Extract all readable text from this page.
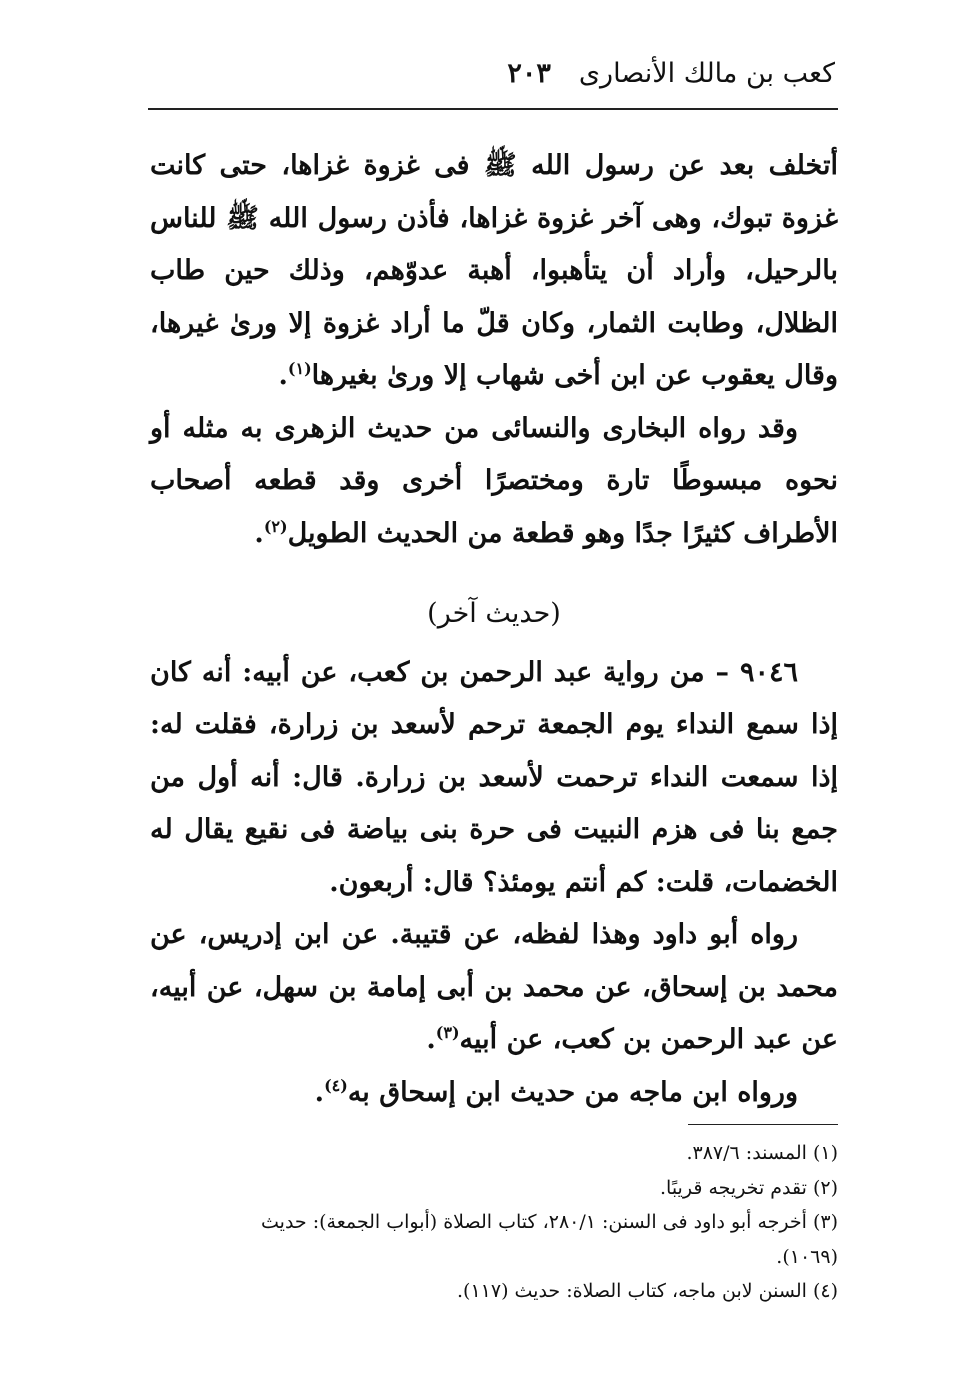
كعب بن مالك الأنصارى
٢٠٣

أتخلف بعد عن رسول الله ﷺ فى غزوة غزاها، حتى كانت غزوة تبوك، وهى آخر غزوة غزاها، فأذن رسول الله ﷺ للناس بالرحيل، وأراد أن يتأهبوا، أهبة عدوّهم، وذلك حين طاب الظلال، وطابت الثمار، وكان قلّ ما أراد غزوة إلا ورىٰ غيرها، وقال يعقوب عن ابن أخى شهاب إلا ورىٰ بغيرها$^{(١)}$.

وقد رواه البخارى والنسائى من حديث الزهرى به مثله أو نحوه مبسوطًا تارة ومختصرًا أخرى وقد قطعه أصحاب الأطراف كثيرًا جدًا وهو قطعة من الحديث الطويل$^{(٢)}$.

(حديث آخر)

٩٠٤٦ – من رواية عبد الرحمن بن كعب، عن أبيه: أنه كان إذا سمع النداء يوم الجمعة ترحم لأسعد بن زرارة، فقلت له: إذا سمعت النداء ترحمت لأسعد بن زرارة. قال: أنه أول من جمع بنا فى هزم النبيت فى حرة بنى بياضة فى نقيع يقال له الخضمات، قلت: كم أنتم يومئذ؟ قال: أربعون.

رواه أبو داود وهذا لفظه، عن قتيبة. عن ابن إدريس، عن محمد بن إسحاق، عن محمد بن أبى إمامة بن سهل، عن أبيه، عن عبد الرحمن بن كعب، عن أبيه$^{(٣)}$.

ورواه ابن ماجه من حديث ابن إسحاق به$^{(٤)}$.

(١) المسند: ٣٨٧/٦.

(٢) تقدم تخريجه قريبًا.

(٣) أخرجه أبو داود فى السنن: ٢٨٠/١، كتاب الصلاة (أبواب الجمعة): حديث

(١٠٦٩).

(٤) السنن لابن ماجه، كتاب الصلاة: حديث (١١٧).
